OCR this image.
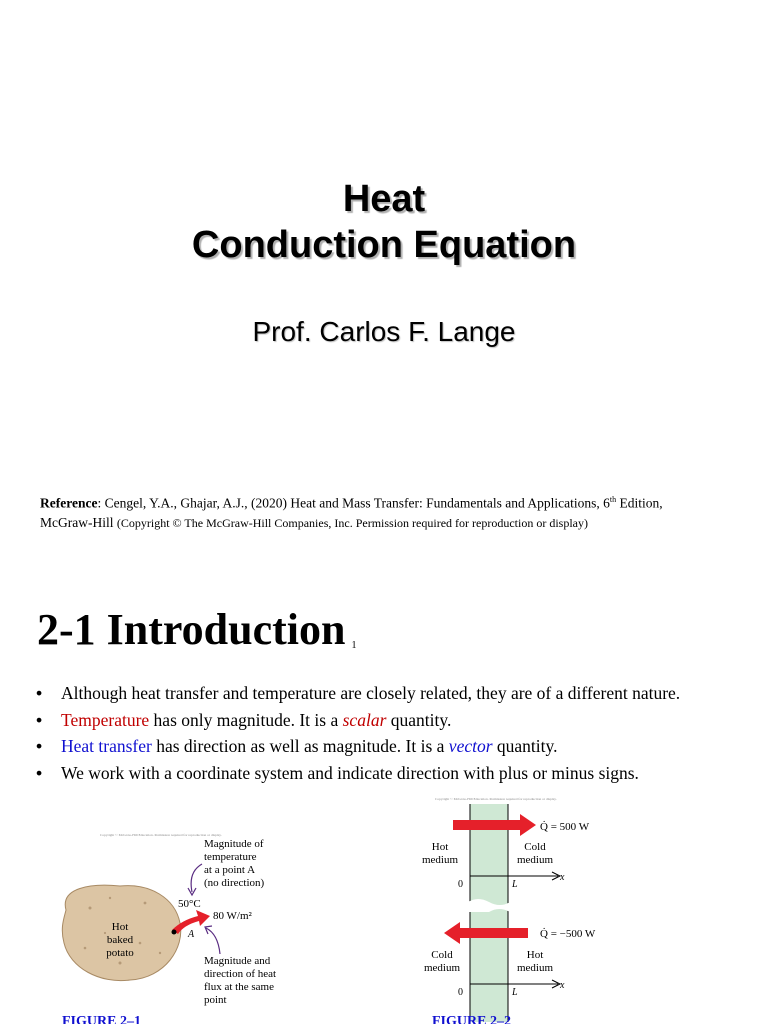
Heat
Conduction Equation
Prof. Carlos F. Lange
Reference: Cengel, Y.A., Ghajar, A.J., (2020) Heat and Mass Transfer: Fundamentals and Applications, 6th Edition,
McGraw-Hill (Copyright © The McGraw-Hill Companies, Inc. Permission required for reproduction or display)
2-1 Introduction 1
• Although heat transfer and temperature are closely related, they are of a different nature.
• Temperature has only magnitude. It is a scalar quantity.
• Heat transfer has direction as well as magnitude. It is a vector quantity.
• We work with a coordinate system and indicate direction with plus or minus signs.
Copyright © McGraw-Hill Education. Permission required for reproduction or display.
Hot
baked
potato
A
50°C
80 W/m²
Magnitude of
temperature
at a point A
(no direction)
Magnitude and
direction of heat
flux at the same
point
FIGURE 2–1
Copyright © McGraw-Hill Education. Permission required for reproduction or display.
Q̇ = 500 W
Hot
medium
Cold
medium
0	L
x
Q̇ = −500 W
Cold
medium
Hot
medium
0	L
x
FIGURE 2–2
